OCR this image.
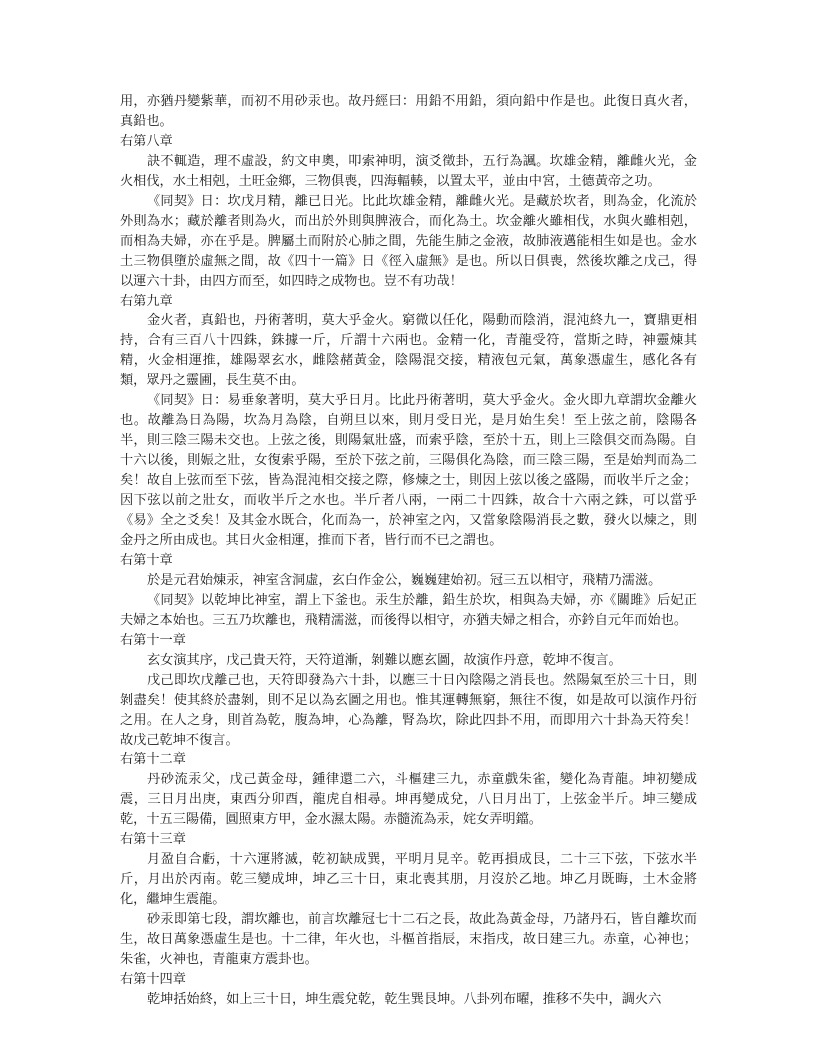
用，亦猶丹變紫華，而初不用砂汞也。故丹經曰：用鉛不用鉛，須向鉛中作是也。此復日真火者，真鉛也。

右第八章

訣不輒造，理不虛設，約文申奧，叩索神明，演爻徵卦，五行為諷。坎雄金精，離雌火光，金火相伐，水土相剋，土旺金鄉，三物俱喪，四海輻輳，以置太平，並由中宮，土德黃帝之功。

《同契》日：坎戊月精，離已日光。比此坎雄金精，離雌火光。是藏於坎者，則為金，化流於外則為水；藏於離者則為火，而出於外則與脾液合，而化為土。坎金離火雖相伐，水與火雖相剋，而相為夫婦，亦在乎是。脾屬土而附於心肺之間，先能生肺之金液，故肺液邁能相生如是也。金水土三物俱墮於虛無之間，故《四十一篇》日《徑入虛無》是也。所以日俱喪，然後坎離之戊己，得以運六十卦，由四方而至，如四時之成物也。豈不有功哉！

右第九章

金火者，真鉛也，丹術著明，莫大乎金火。窮微以任化，陽動而陰消，混沌終九一，寶鼎更相持，合有三百八十四銖，銖據一斤，斤謂十六兩也。金精一化，青龍受符，當斯之時，神靈煉其精，火金相運推，雄陽翠玄水，雌陰赭黃金，陰陽混交接，精液包元氣，萬象憑虛生，感化各有類，眾丹之靈圃，長生莫不由。

《同契》日：易垂象著明，莫大乎日月。比此丹術著明，莫大乎金火。金火即九章謂坎金離火也。故離為日為陽，坎為月為陰，自朔旦以來，則月受日光，是月始生矣！至上弦之前，陰陽各半，則三陰三陽未交也。上弦之後，則陽氣壯盛，而索乎陰，至於十五，則上三陰俱交而為陽。自十六以後，則娠之壯，女復索乎陽，至於下弦之前，三陽俱化為陰，而三陰三陽，至是始判而為二矣！故自上弦而至下弦，皆為混沌相交接之際，修煉之士，則因上弦以後之盛陽，而收半斤之金；因下弦以前之壯女，而收半斤之水也。半斤者八兩，一兩二十四銖，故合十六兩之銖，可以當乎《易》全之爻矣！及其金水既合，化而為一，於神室之內，又當象陰陽消長之數，發火以煉之，則金丹之所由成也。其日火金相運，推而下者，皆行而不已之謂也。

右第十章

於是元君始煉汞，神室含洞虛，玄白作金公，巍巍建始初。冠三五以相守，飛精乃濡滋。

《同契》以乾坤比神室，謂上下釜也。汞生於離，鉛生於坎，相與為夫婦，亦《關雎》后妃正夫婦之本始也。三五乃坎離也，飛精濡滋，而後得以相守，亦猶夫婦之相合，亦鈐自元年而始也。

右第十一章

玄女演其序，戊己貴天符，天符道漸，剝難以應玄圖，故演作丹意，乾坤不復言。

戊己即坎戊離己也，天符即發為六十卦，以應三十日內陰陽之消長也。然陽氣至於三十日，則剝盡矣！使其終於盡剝，則不足以為玄圖之用也。惟其運轉無窮，無往不復，如是故可以演作丹衍之用。在人之身，則首為乾，腹為坤，心為離，腎為坎，除此四卦不用，而即用六十卦為天符矣！故戊己乾坤不復言。

右第十二章

丹砂流汞父，戊己黃金母，鍾律還二六，斗樞建三九，赤童戲朱雀，變化為青龍。坤初變成震，三日月出庚，東西分卯酉，龍虎自相尋。坤再變成兌，八日月出丁，上弦金半斤。坤三變成乾，十五三陽備，圓照東方甲，金水濕太陽。赤髓流為汞，姹女弄明鐺。

右第十三章

月盈自合虧，十六運將滅，乾初缺成巽，平明月見辛。乾再損成艮，二十三下弦，下弦水半斤，月出於丙南。乾三變成坤，坤乙三十日，東北喪其朋，月沒於乙地。坤乙月既晦，土木金將化，繼坤生震龍。

砂汞即第七段，謂坎離也，前言坎離冠七十二石之長，故此為黃金母，乃諸丹石，皆自離坎而生，故日萬象憑虛生是也。十二律，年火也，斗樞首指辰，末指戌，故日建三九。赤童，心神也；朱雀，火神也，青龍東方震卦也。

右第十四章

乾坤括始終，如上三十日，坤生震兌乾，乾生巽艮坤。八卦列布曜，推移不失中，調火六
